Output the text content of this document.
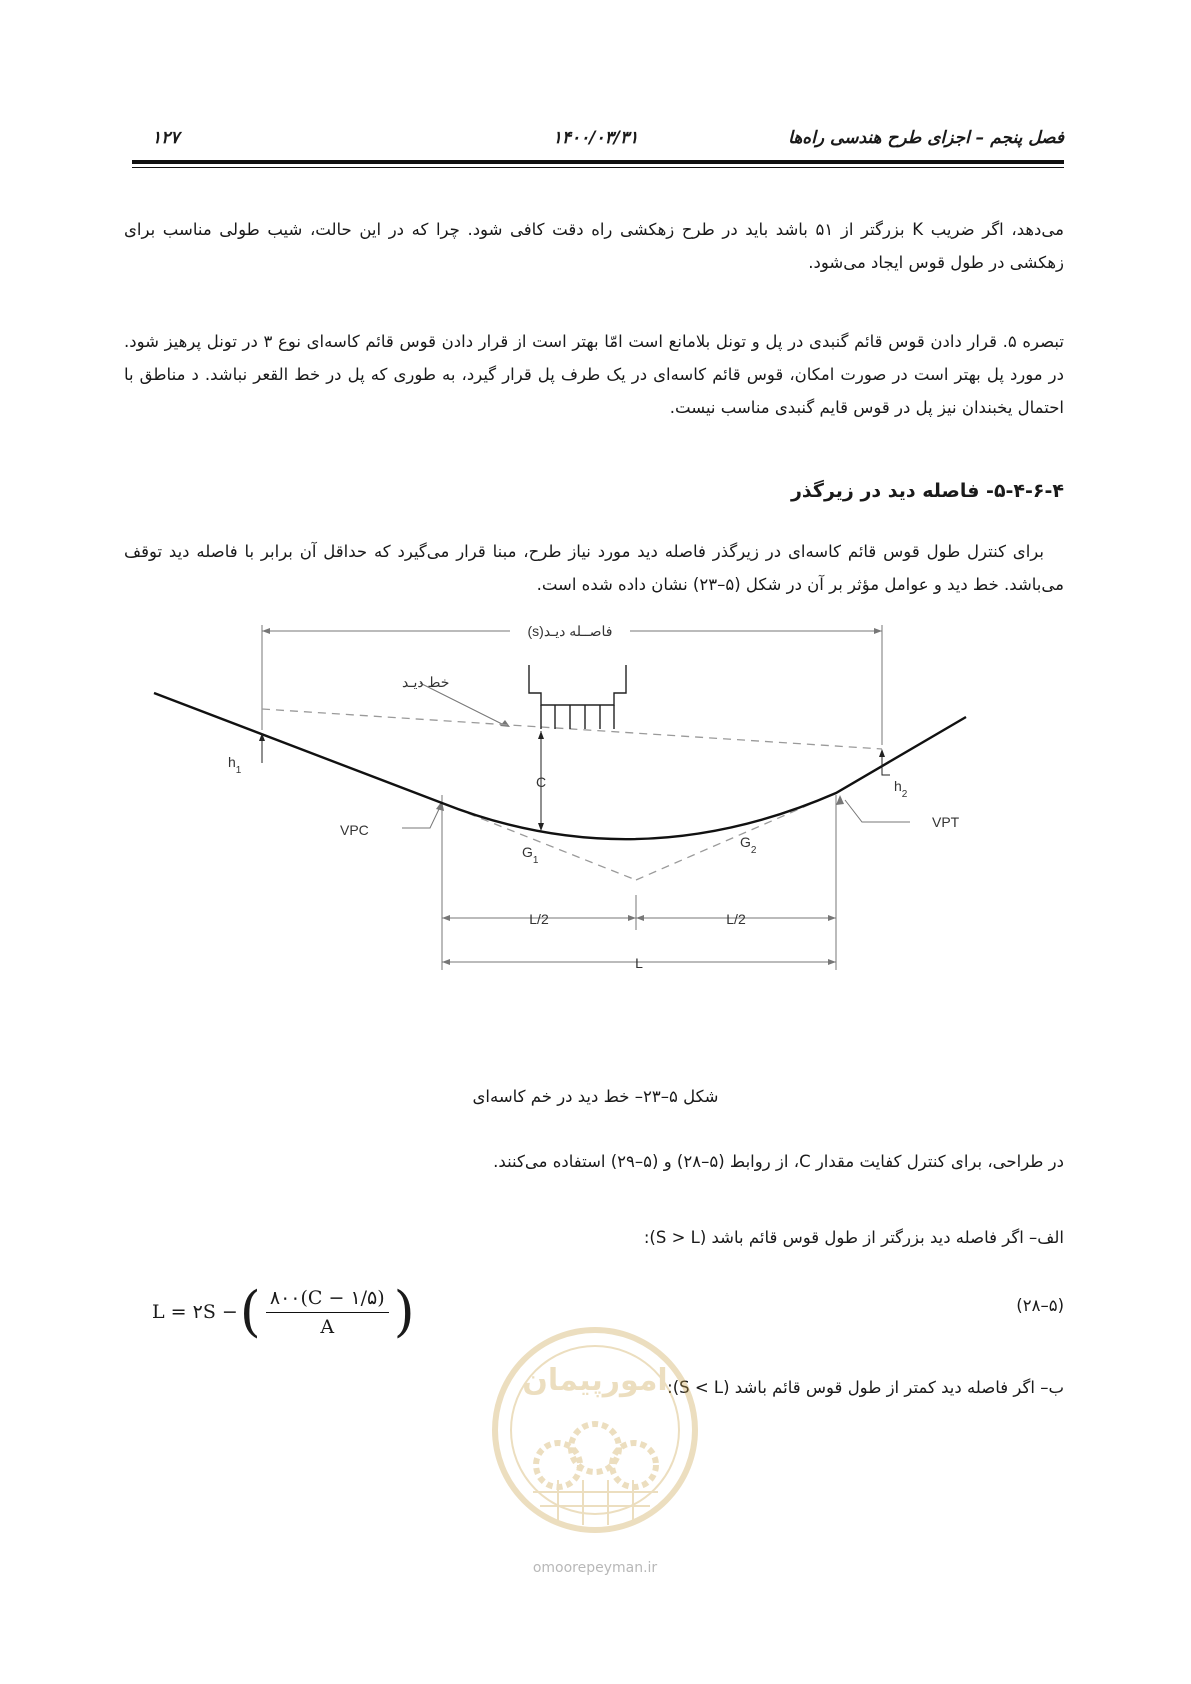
فصل پنجم – اجزای طرح هندسی راه‌ها
۱۴۰۰/۰۳/۳۱
۱۲۷

می‌دهد، اگر ضریب K بزرگتر از ۵۱ باشد باید در طرح زهکشی راه دقت کافی شود. چرا که در این حالت، شیب طولی مناسب برای زهکشی در طول قوس ایجاد می‌شود.

تبصره ۵. قرار دادن قوس قائم گنبدی در پل و تونل بلامانع است امّا بهتر است از قرار دادن قوس قائم کاسه‌ای نوع ۳ در تونل پرهیز شود. در مورد پل بهتر است در صورت امکان، قوس قائم کاسه‌ای در یک طرف پل قرار گیرد، به طوری که پل در خط القعر نباشد. د مناطق با احتمال یخبندان نیز پل در قوس قایم گنبدی مناسب نیست.

۵-۴-۶-۴- فاصله دید در زیرگذر

برای کنترل طول قوس قائم کاسه‌ای در زیرگذر فاصله دید مورد نیاز طرح، مبنا قرار می‌گیرد که حداقل آن برابر با فاصله دید توقف می‌باشد. خط دید و عوامل مؤثر بر آن در شکل (۵–۲۳) نشان داده شده است.

فاصــله دیـد(s)
خط دیـد
C
$h_1$
$h_2$
VPC	VPT
$G_1$
$G_2$
L/2	L/2
L
شکل ۵–۲۳– خط دید در خم کاسه‌ای

در طراحی، برای کنترل کفایت مقدار C، از روابط (۵–۲۸) و (۵–۲۹) استفاده می‌کنند.

الف– اگر فاصله دید بزرگتر از طول قوس قائم باشد (S > L):

(۵–۲۸)
L = ۲S − ( $\frac{۸۰۰(C - ۱/۵)}{A}$ )

ب– اگر فاصله دید کمتر از طول قوس قائم باشد (S < L):

امورپیمان
omoorepeyman.ir
